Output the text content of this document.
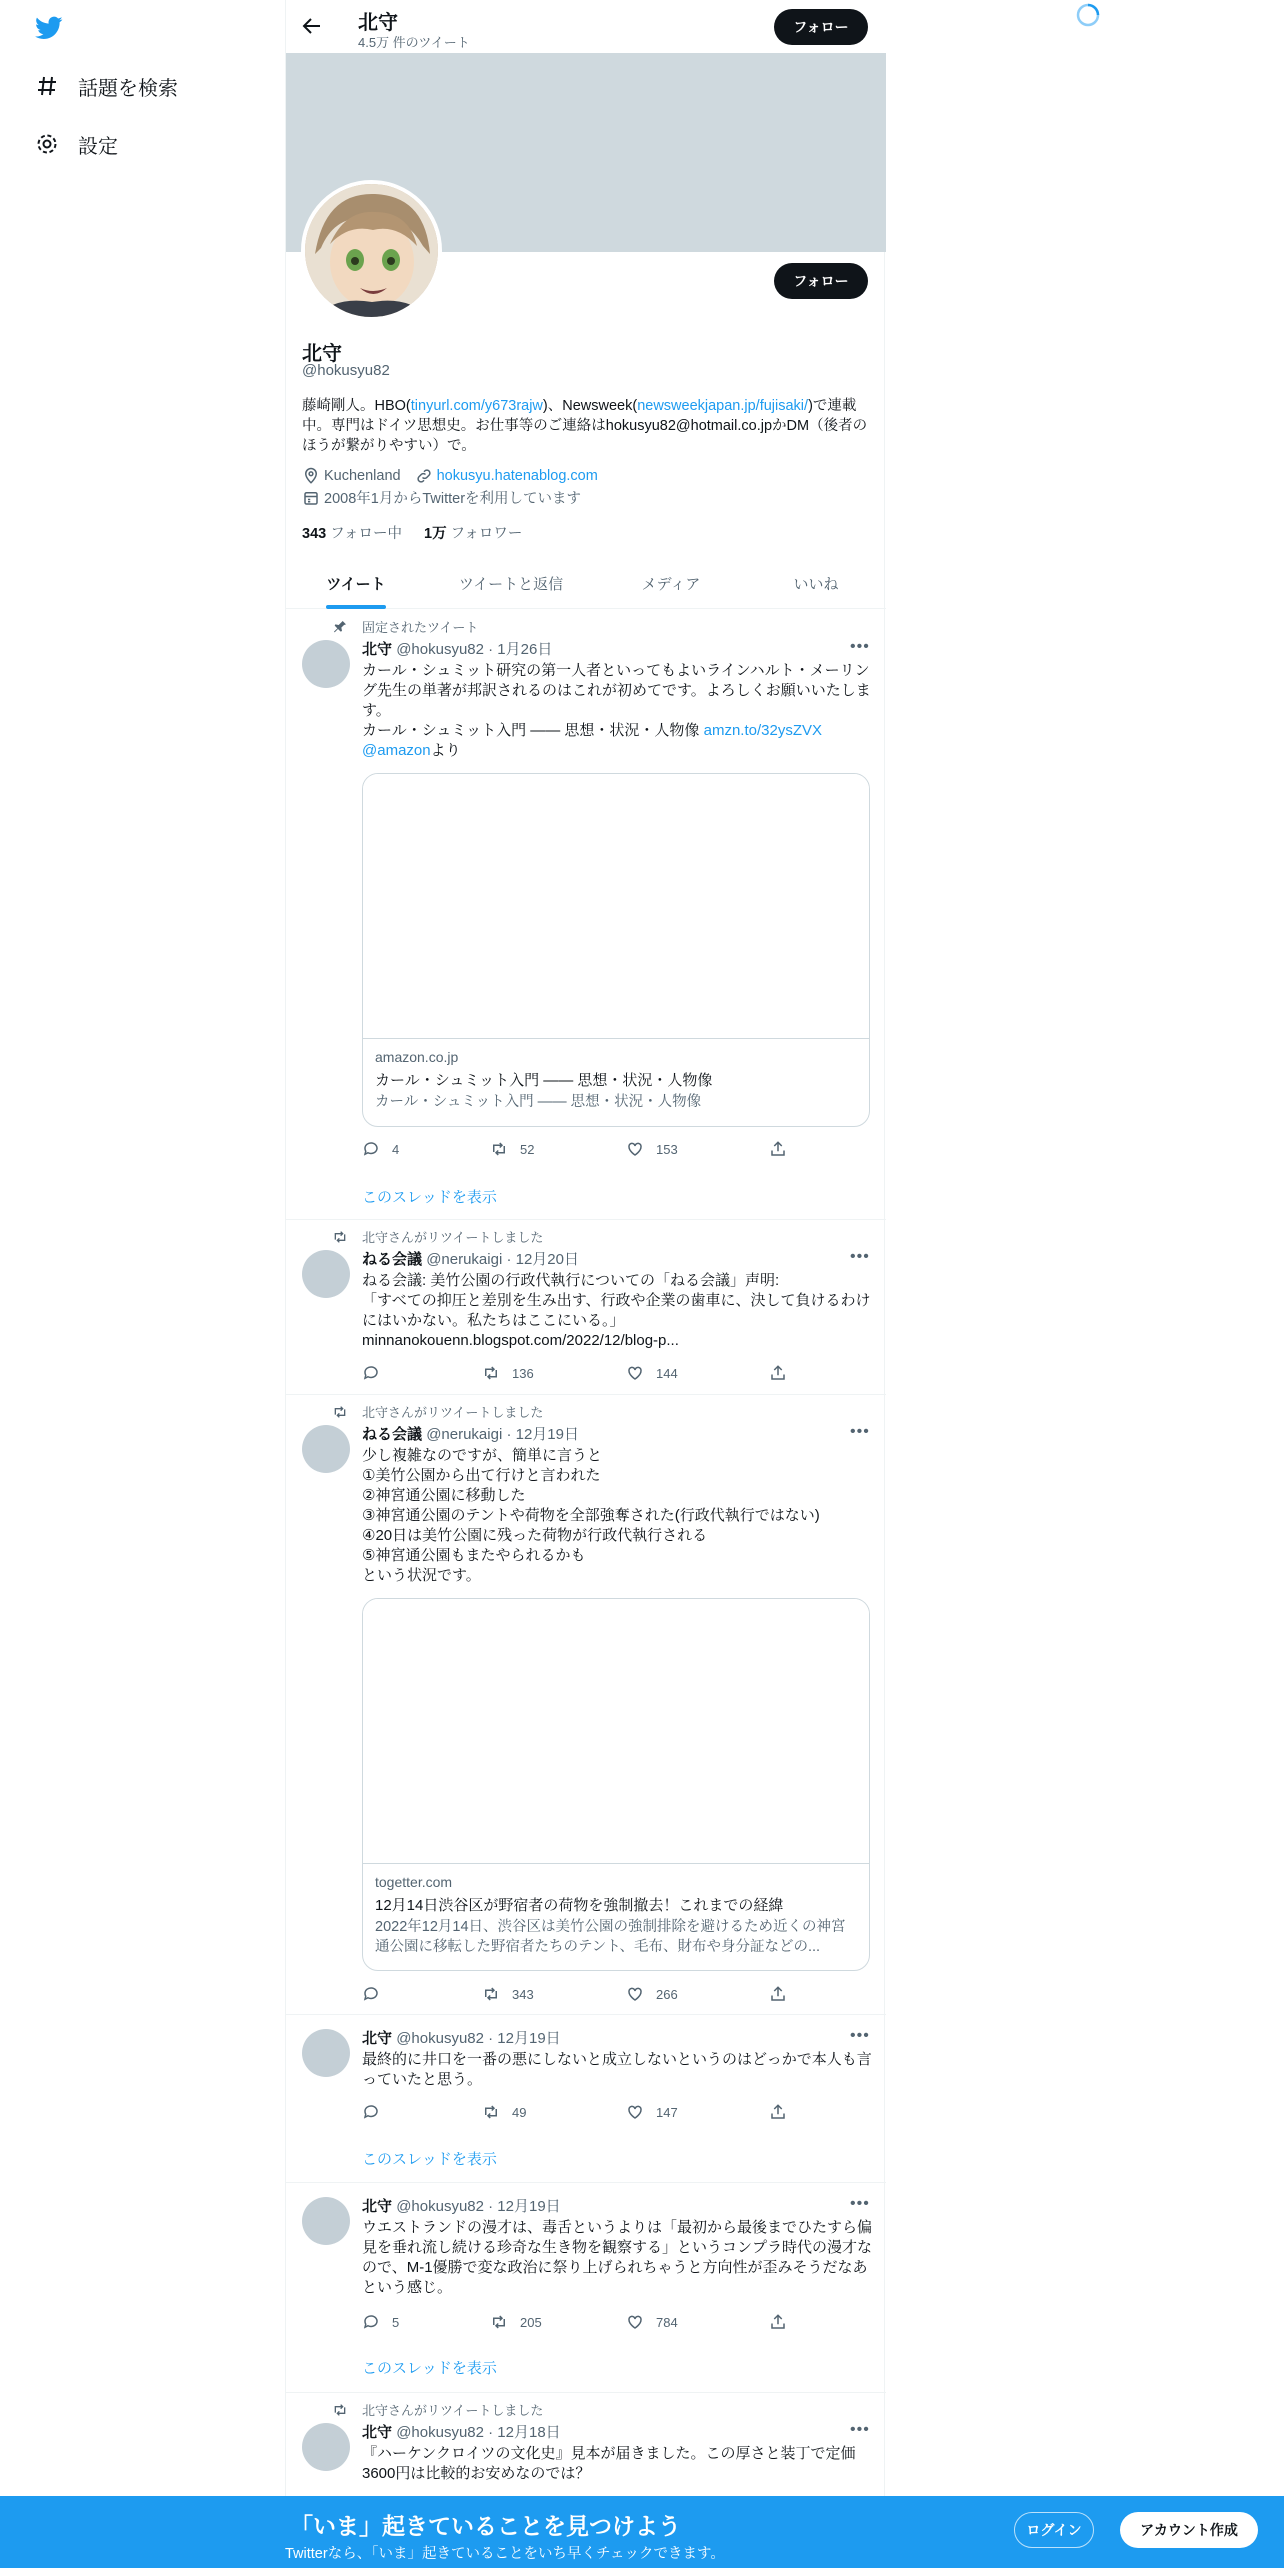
話題を検索
設定
北守
4.5万 件のツイート
フォロー
フォロー
北守
@hokusyu82
藤崎剛人。HBO(tinyurl.com/y673rajw)、Newsweek(newsweekjapan.jp/fujisaki/)で連載中。専門はドイツ思想史。お仕事等のご連絡はhokusyu82@hotmail.co.jpかDM（後者のほうが繋がりやすい）で。
Kuchenland hokusyu.hatenablog.com
2008年1月からTwitterを利用しています
343 フォロー中 1万 フォロワー
ツイート	ツイートと返信	メディア	いいね
固定されたツイート
北守 @hokusyu82 · 1月26日	•••
カール・シュミット研究の第一人者といってもよいラインハルト・メーリング先生の単著が邦訳されるのはこれが初めてです。よろしくお願いいたします。
カール・シュミット入門 —— 思想・状況・人物像 amzn.to/32ysZVX
@amazonより
amazon.co.jp
カール・シュミット入門 —— 思想・状況・人物像
カール・シュミット入門 —— 思想・状況・人物像
4	52	153
このスレッドを表示
北守さんがリツイートしました
ねる会議 @nerukaigi · 12月20日	•••
ねる会議: 美竹公園の行政代執行についての「ねる会議」声明:
「すべての抑圧と差別を生み出す、行政や企業の歯車に、決して負けるわけにはいかない。私たちはここにいる。」
minnanokouenn.blogspot.com/2022/12/blog-p...
136	144
北守さんがリツイートしました
ねる会議 @nerukaigi · 12月19日	•••
少し複雑なのですが、簡単に言うと
①美竹公園から出て行けと言われた
②神宮通公園に移動した
③神宮通公園のテントや荷物を全部強奪された(行政代執行ではない)
④20日は美竹公園に残った荷物が行政代執行される
⑤神宮通公園もまたやられるかも
という状況です。
togetter.com
12月14日渋谷区が野宿者の荷物を強制撤去！これまでの経緯
2022年12月14日、渋谷区は美竹公園の強制排除を避けるため近くの神宮通公園に移転した野宿者たちのテント、毛布、財布や身分証などの...
343	266
北守 @hokusyu82 · 12月19日	•••
最終的に井口を一番の悪にしないと成立しないというのはどっかで本人も言っていたと思う。
49	147
このスレッドを表示
北守 @hokusyu82 · 12月19日	•••
ウエストランドの漫才は、毒舌というよりは「最初から最後までひたすら偏見を垂れ流し続ける珍奇な生き物を観察する」というコンプラ時代の漫才なので、M-1優勝で変な政治に祭り上げられちゃうと方向性が歪みそうだなあという感じ。
5	205	784
このスレッドを表示
北守さんがリツイートしました
北守 @hokusyu82 · 12月18日	•••
『ハーケンクロイツの文化史』見本が届きました。この厚さと装丁で定価3600円は比較的お安めなのでは？
「いま」起きていることを見つけよう
Twitterなら、「いま」起きていることをいち早くチェックできます。
ログイン	アカウント作成
